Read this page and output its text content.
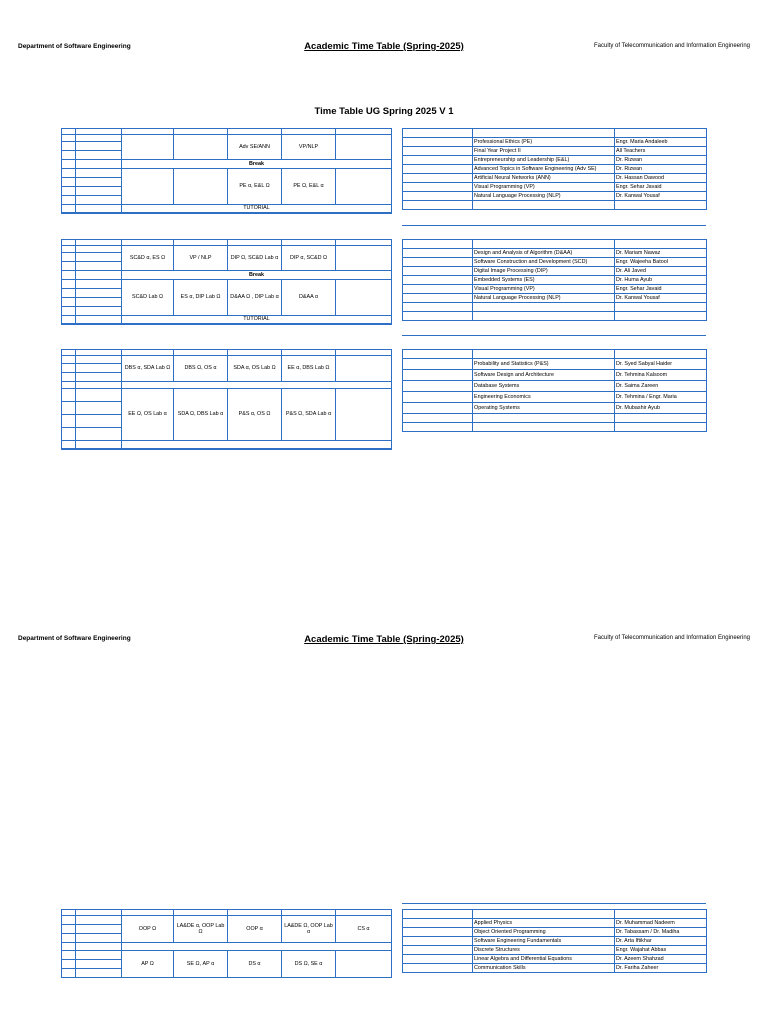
Department of Software Engineering	Academic Time Table (Spring-2025)	Faculty of Telecommunication and Information Engineering
Time Table UG Spring 2025 V 1

				Adv SE/ANN	VP/NLP	

		Break				
				PE α, E&L Ω	PE Ω, E&L α	

		TUTORIAL				

	Professional Ethics (PE)	Engr. Maria Andaleeb
	Final Year Project II	All Teachers
	Entrepreneurship and Leadership (E&L)	Dr. Rizwan
	Advanced Topics in Software Engineering (Adv SE)	Dr. Rizwan
	Artificial Neural Networks (ANN)	Dr. Hassan Dawood
	Visual Programming (VP)	Engr. Sehar Javaid
	Natural Language Processing (NLP)	Dr. Kanwal Yousaf

		SC&D α, ES Ω	VP / NLP	DIP Ω, SC&D Lab α	DIP α, SC&D Ω	

		Break				
		SC&D Lab Ω	ES α, DIP Lab Ω	D&AA Ω , DIP Lab α	D&AA α	

		TUTORIAL				

	Design and Analysis of Algorithm (D&AA)	Dr. Mariam Nawaz
	Software Construction and Development (SCD)	Engr. Wajeeha Batool
	Digital Image Processing (DIP)	Dr. Ali Javed
	Embedded Systems (ES)	Dr. Huma Ayub
	Visual Programming (VP)	Engr. Sehar Javaid
	Natural Language Processing (NLP)	Dr. Kanwal Yousaf

		DBS α, SDA Lab Ω	DBS Ω, OS α	SDA α, OS Lab Ω	EE α, DBS Lab Ω	

		EE Ω, OS Lab α	SDA Ω, DBS Lab α	P&S α, OS Ω	P&S Ω, SDA Lab α	

	Probability and Statistics (P&S)	Dr. Syed Sabyal Haider
	Software Design and Architecture	Dr. Tehmina Kalsoom
	Database Systems	Dr. Saima Zareen
	Engineering Economics	Dr. Tehmina / Engr. Maria
	Operating Systems	Dr. Mubashir Ayub

Department of Software Engineering	Academic Time Table (Spring-2025)	Faculty of Telecommunication and Information Engineering

		OOP Ω	LA&DE α, OOP Lab Ω	OOP α	LA&DE Ω, OOP Lab α	CS α

		AP Ω	SE Ω, AP α	DS α	DS Ω, SE α	

	Applied Physics	Dr. Muhammad Nadeem
	Object Oriented Programming	Dr. Tabassam / Dr. Madiha
	Software Engineering Fundamentals	Dr. Arta Iftikhar
	Discrete Structures	Engr. Wajahat Abbas
	Linear Algebra and Differential Equations	Dr. Azeem Shahzad
	Communication Skills	Dr. Fariha Zaheer
